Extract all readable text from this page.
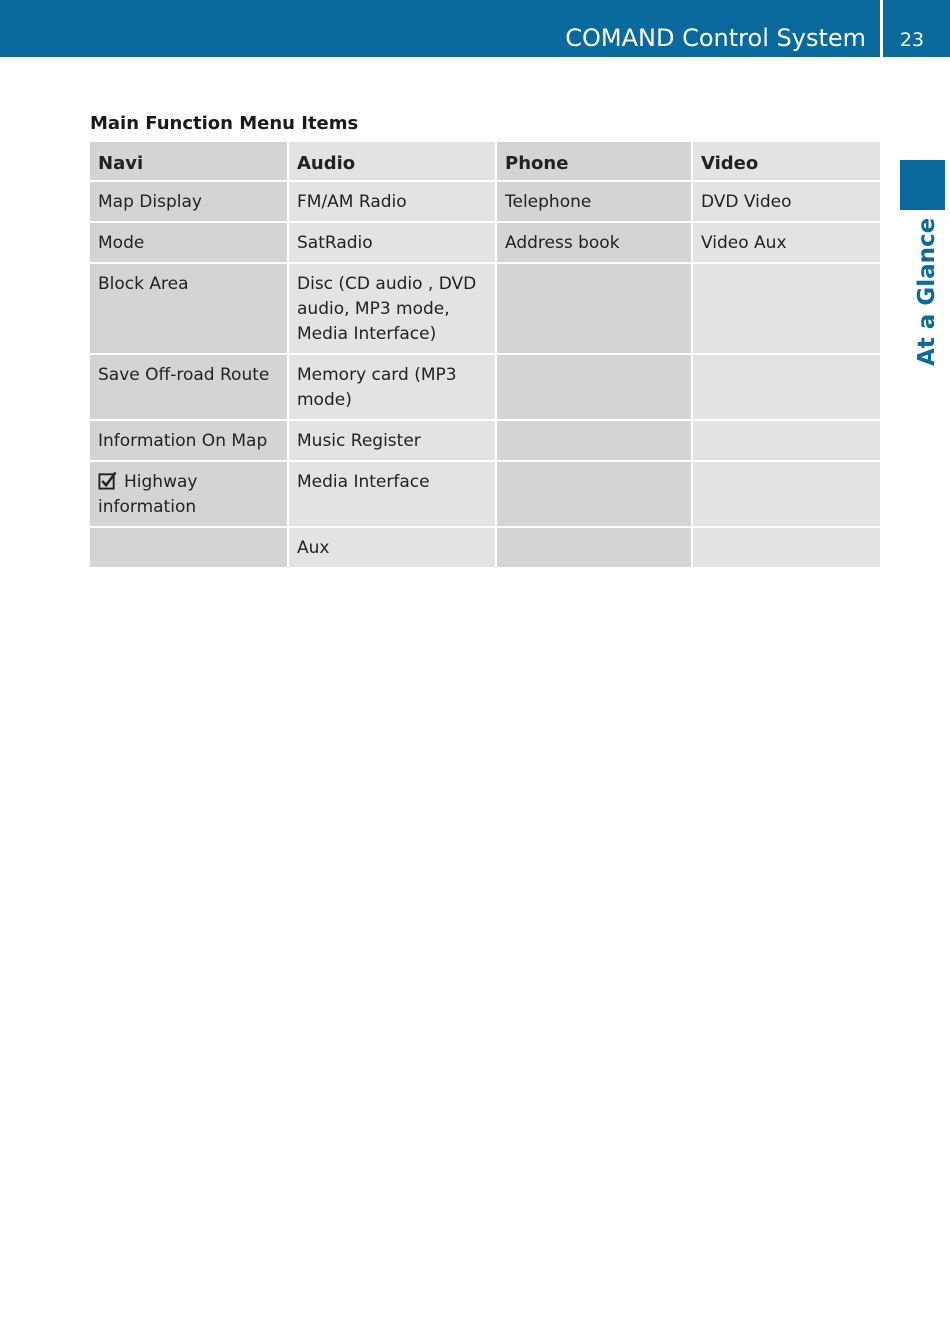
COMAND Control System	23
At a Glance
Main Function Menu Items
Navi	Audio	Phone	Video
Map Display	FM/AM Radio	Telephone	DVD Video
Mode	SatRadio	Address book	Video Aux
Block Area	Disc (CD audio , DVD audio, MP3 mode, Media Interface)		
Save Off-road Route	Memory card (MP3 mode)		
Information On Map	Music Register		
Highway information	Media Interface		
	Aux		
